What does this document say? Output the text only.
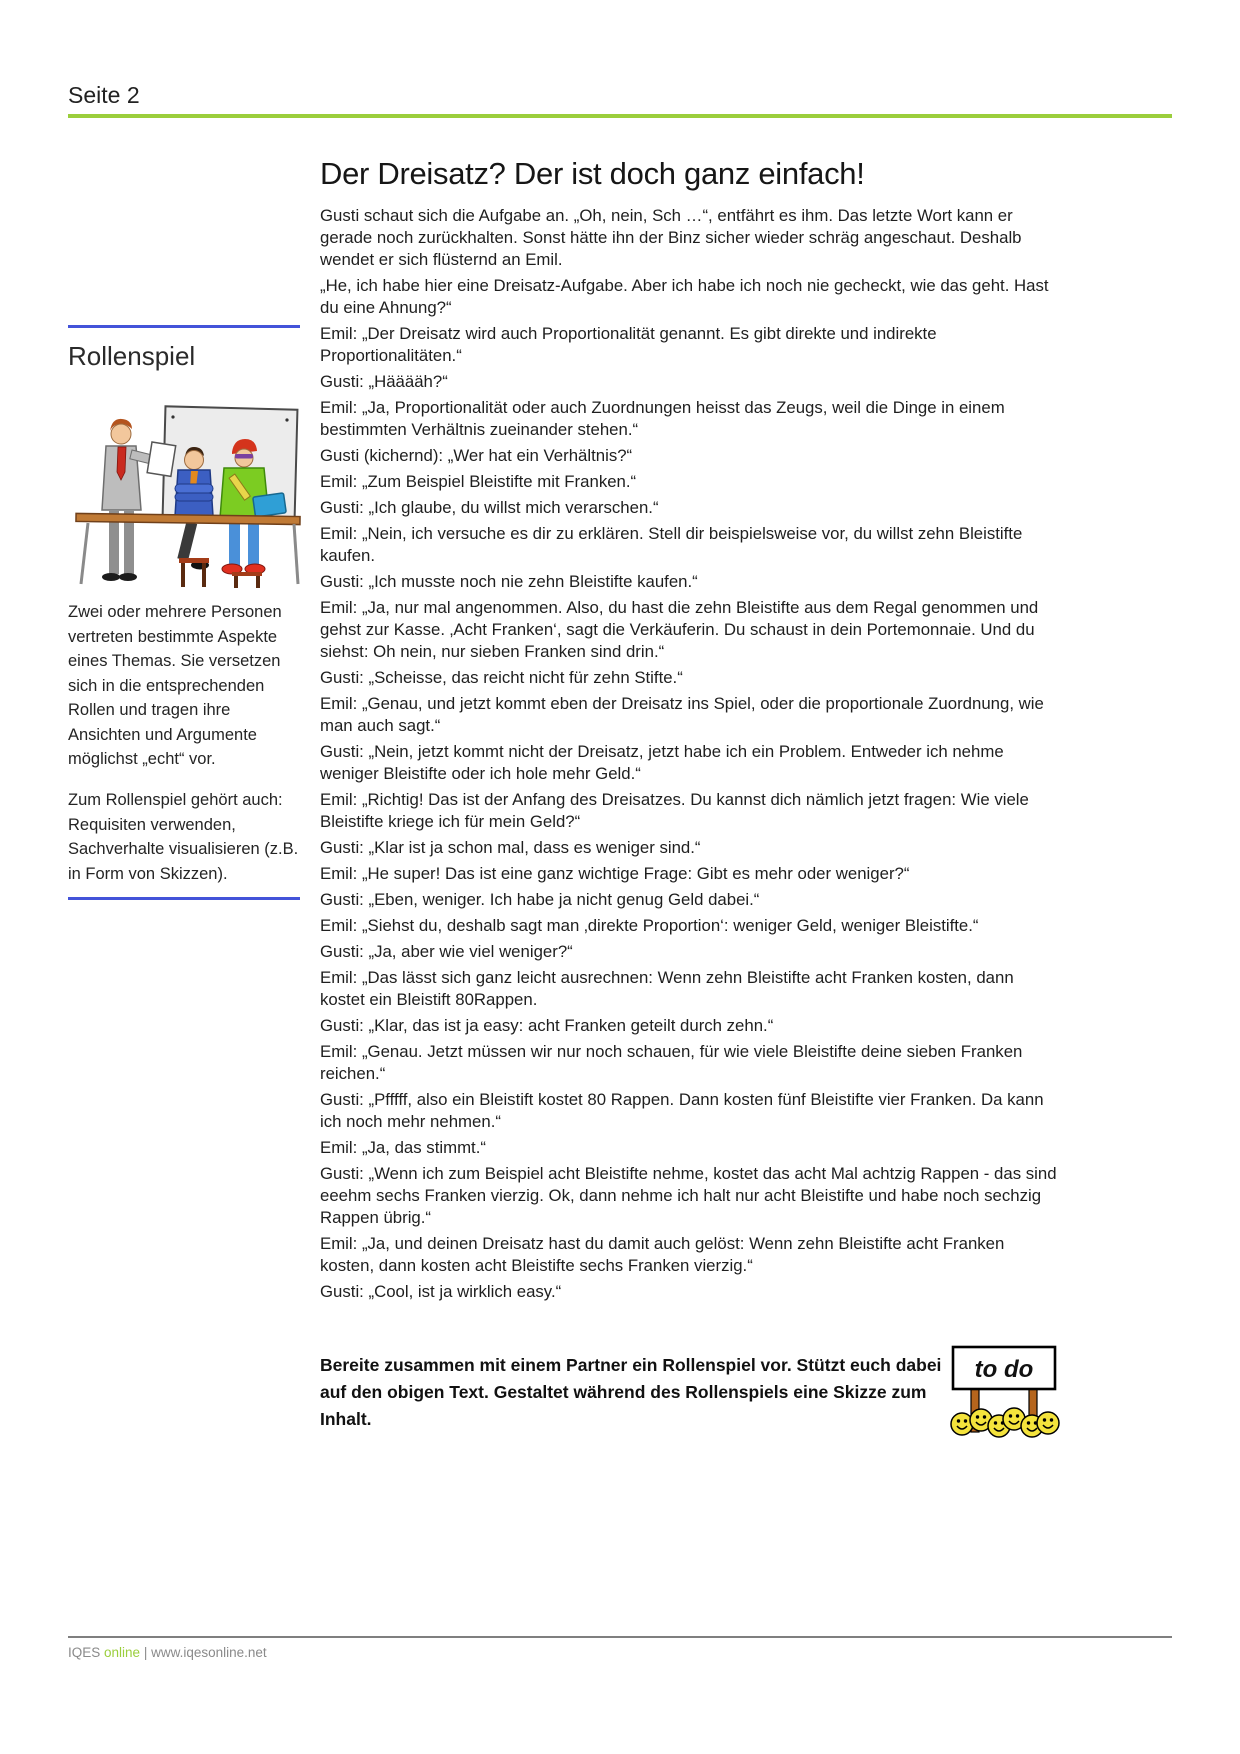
Seite 2
Rollenspiel

Zwei oder mehrere Personen vertreten bestimmte Aspekte eines Themas. Sie versetzen sich in die entsprechenden Rollen und tragen ihre Ansichten und Argumente möglichst „echt“ vor.

Zum Rollenspiel gehört auch: Requisiten verwenden, Sachverhalte visualisieren (z.B. in Form von Skizzen).

Der Dreisatz? Der ist doch ganz einfach!

Gusti schaut sich die Aufgabe an. „Oh, nein, Sch …“, entfährt es ihm. Das letzte Wort kann er gerade noch zurückhalten. Sonst hätte ihn der Binz sicher wieder schräg angeschaut. Deshalb wendet er sich flüsternd an Emil.

„He, ich habe hier eine Dreisatz-Aufgabe. Aber ich habe ich noch nie gecheckt, wie das geht. Hast du eine Ahnung?“

Emil: „Der Dreisatz wird auch Proportionalität genannt. Es gibt direkte und indirekte Proportionalitäten.“

Gusti: „Hääääh?“

Emil: „Ja, Proportionalität oder auch Zuordnungen heisst das Zeugs, weil die Dinge in einem bestimmten Verhältnis zueinander stehen.“

Gusti (kichernd): „Wer hat ein Verhältnis?“

Emil: „Zum Beispiel Bleistifte mit Franken.“

Gusti: „Ich glaube, du willst mich verarschen.“

Emil: „Nein, ich versuche es dir zu erklären. Stell dir beispielsweise vor, du willst zehn Bleistifte kaufen.

Gusti: „Ich musste noch nie zehn Bleistifte kaufen.“

Emil: „Ja, nur mal angenommen. Also, du hast die zehn Bleistifte aus dem Regal genommen und gehst zur Kasse. ‚Acht Franken‘, sagt die Verkäuferin. Du schaust in dein Portemonnaie. Und du siehst: Oh nein, nur sieben Franken sind drin.“

Gusti: „Scheisse, das reicht nicht für zehn Stifte.“

Emil: „Genau, und jetzt kommt eben der Dreisatz ins Spiel, oder die proportionale Zuordnung, wie man auch sagt.“

Gusti: „Nein, jetzt kommt nicht der Dreisatz, jetzt habe ich ein Problem. Entweder ich nehme weniger Bleistifte oder ich hole mehr Geld.“

Emil: „Richtig! Das ist der Anfang des Dreisatzes. Du kannst dich nämlich jetzt fragen: Wie viele Bleistifte kriege ich für mein Geld?“

Gusti: „Klar ist ja schon mal, dass es weniger sind.“

Emil: „He super! Das ist eine ganz wichtige Frage: Gibt es mehr oder weniger?“

Gusti: „Eben, weniger. Ich habe ja nicht genug Geld dabei.“

Emil: „Siehst du, deshalb sagt man ‚direkte Proportion‘: weniger Geld, weniger Bleistifte.“

Gusti: „Ja, aber wie viel weniger?“

Emil: „Das lässt sich ganz leicht ausrechnen: Wenn zehn Bleistifte acht Franken kosten, dann kostet ein Bleistift 80Rappen.

Gusti: „Klar, das ist ja easy: acht Franken geteilt durch zehn.“

Emil: „Genau. Jetzt müssen wir nur noch schauen, für wie viele Bleistifte deine sieben Franken reichen.“

Gusti: „Pfffff, also ein Bleistift kostet 80 Rappen. Dann kosten fünf Bleistifte vier Franken. Da kann ich noch mehr nehmen.“

Emil: „Ja, das stimmt.“

Gusti: „Wenn ich zum Beispiel acht Bleistifte nehme, kostet das acht Mal achtzig Rappen - das sind eeehm sechs Franken vierzig. Ok, dann nehme ich halt nur acht Bleistifte und habe noch sechzig Rappen übrig.“

Emil: „Ja, und deinen Dreisatz hast du damit auch gelöst: Wenn zehn Bleistifte acht Franken kosten, dann kosten acht Bleistifte sechs Franken vierzig.“

Gusti: „Cool, ist ja wirklich easy.“

Bereite zusammen mit einem Partner ein Rollenspiel vor. Stützt euch dabei auf den obigen Text. Gestaltet während des Rollenspiels eine Skizze zum Inhalt.

to do

IQES online | www.iqesonline.net
